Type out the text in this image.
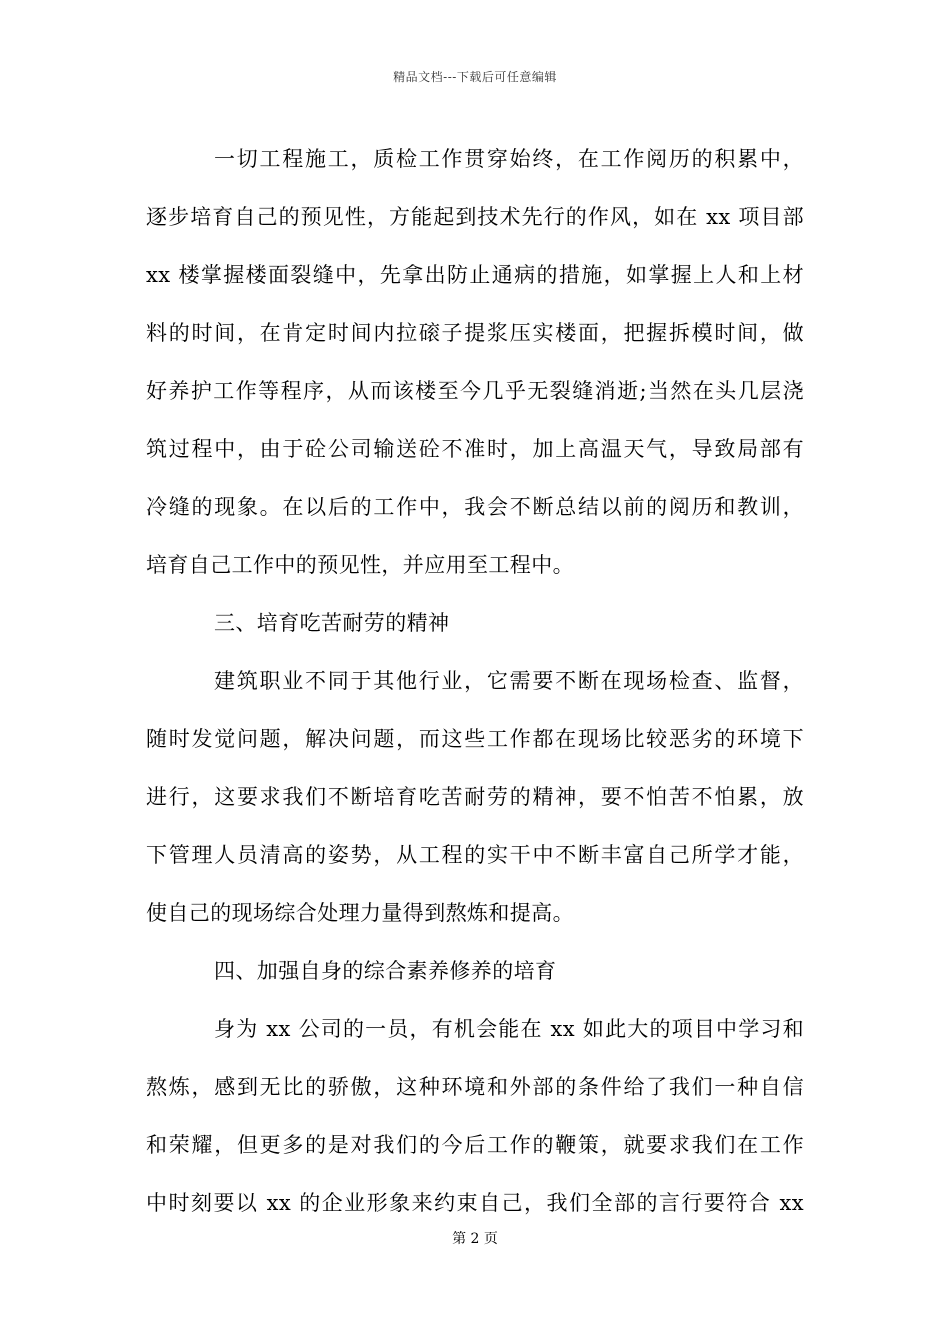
精品文档---下载后可任意编辑
一切工程施工，质检工作贯穿始终，在工作阅历的积累中，
逐步培育自己的预见性，方能起到技术先行的作风，如在 xx 项目部
xx 楼掌握楼面裂缝中，先拿出防止通病的措施，如掌握上人和上材
料的时间，在肯定时间内拉磙子提浆压实楼面，把握拆模时间，做
好养护工作等程序，从而该楼至今几乎无裂缝消逝;当然在头几层浇
筑过程中，由于砼公司输送砼不准时，加上高温天气，导致局部有
冷缝的现象。在以后的工作中，我会不断总结以前的阅历和教训，
培育自己工作中的预见性，并应用至工程中。
三、培育吃苦耐劳的精神
建筑职业不同于其他行业，它需要不断在现场检查、监督，
随时发觉问题，解决问题，而这些工作都在现场比较恶劣的环境下
进行，这要求我们不断培育吃苦耐劳的精神，要不怕苦不怕累，放
下管理人员清高的姿势，从工程的实干中不断丰富自己所学才能，
使自己的现场综合处理力量得到熬炼和提高。
四、加强自身的综合素养修养的培育
身为 xx 公司的一员，有机会能在 xx 如此大的项目中学习和
熬炼，感到无比的骄傲，这种环境和外部的条件给了我们一种自信
和荣耀，但更多的是对我们的今后工作的鞭策，就要求我们在工作
中时刻要以 xx 的企业形象来约束自己，我们全部的言行要符合 xx
第 2 页
